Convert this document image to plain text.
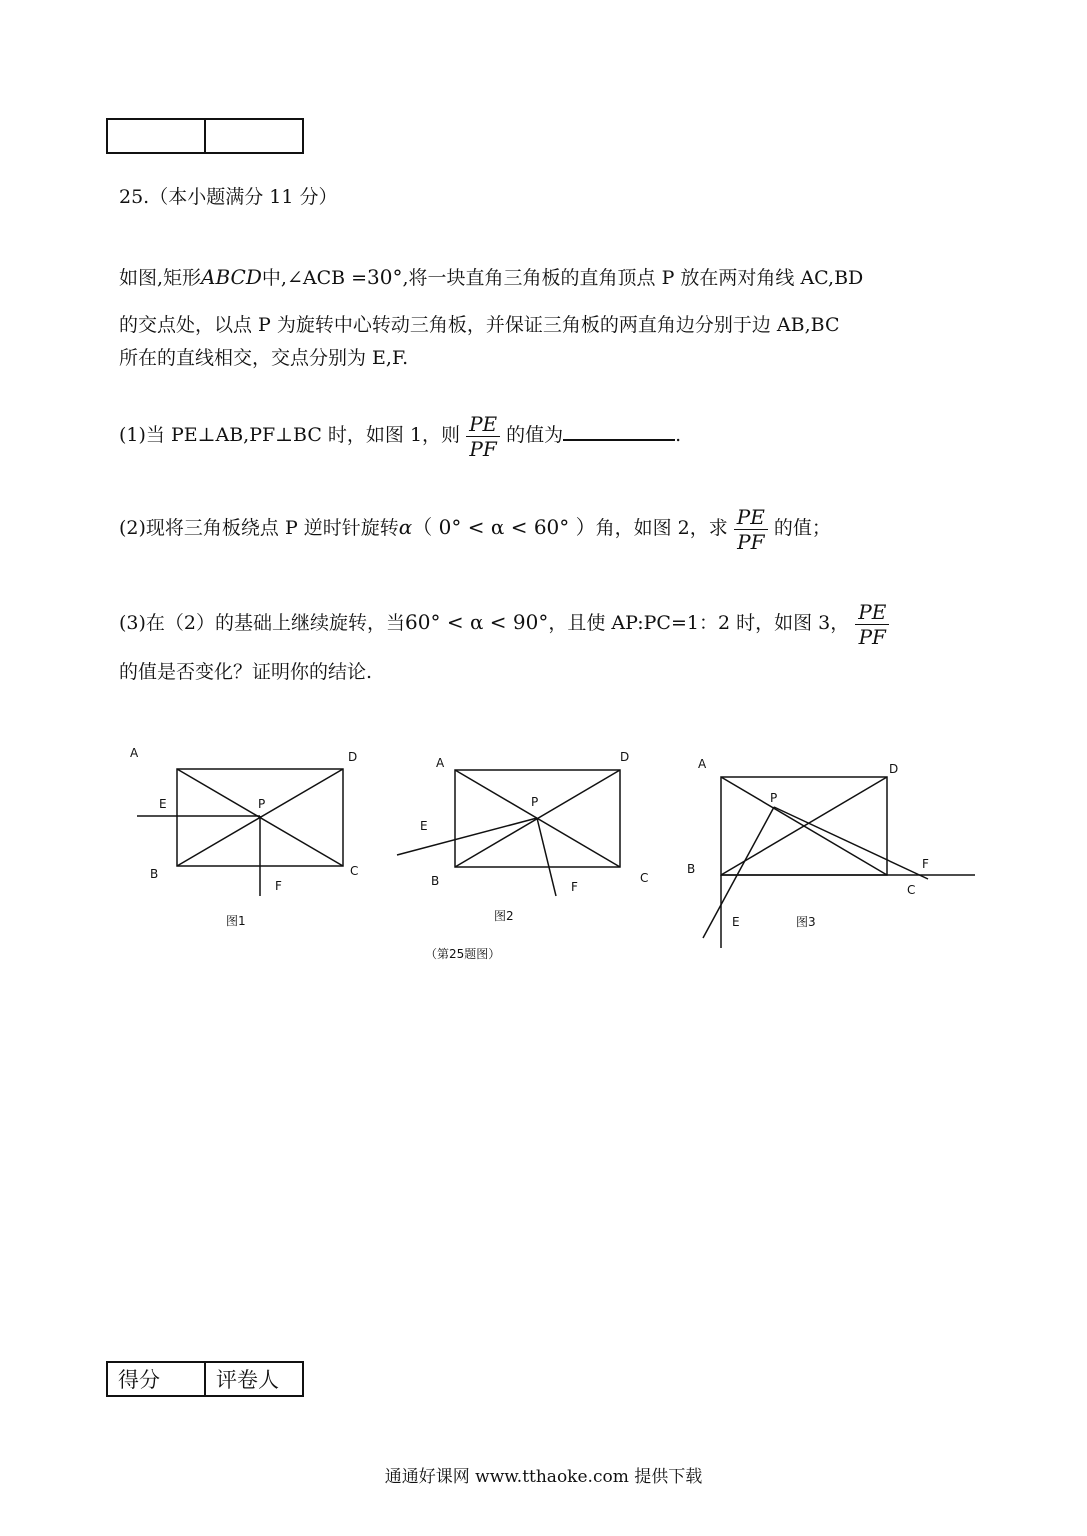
25.（本小题满分 11 分）
如图,矩形ABCD中,∠ACB =30°,将一块直角三角板的直角顶点 P 放在两对角线 AC,BD
的交点处，以点 P 为旋转中心转动三角板，并保证三角板的两直角边分别于边 AB,BC
所在的直线相交，交点分别为 E,F.
(1)当 PE⊥AB,PF⊥BC 时，如图 1，则 $\frac{PE}{PF}$ 的值为	.
(2)现将三角板绕点 P 逆时针旋转α（ 0° < α < 60° ）角，如图 2，求 $\frac{PE}{PF}$ 的值；
(3)在（2）的基础上继续旋转，当60° < α < 90°，且使 AP:PC=1：2 时，如图 3， $\frac{PE}{PF}$
的值是否变化？证明你的结论.
A	D
E	P
B	C
F
图1
A	D
E
P
B	C
F
图2
A	D
P
B	F
C
E	图3
（第25题图）
得分	评卷人
通通好课网 www.tthaoke.com 提供下载
